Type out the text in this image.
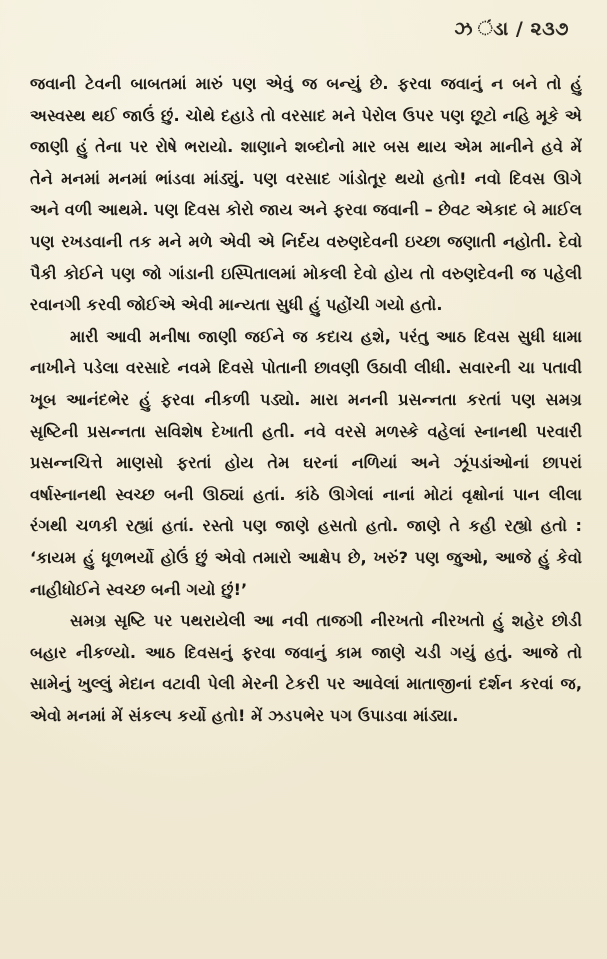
ઝ ંડા / ૨૩૭

જવાની ટેવની બાબતમાં મારું પણ એવું જ બન્યું છે. ફરવા જવાનું ન બને તો હું અસ્વસ્થ થઈ જાઉં છું. ચોથે દહાડે તો વરસાદ મને પેરોલ ઉપર પણ છૂટો નહિ મૂકે એ જાણી હું તેના પર રોષે ભરાયો. શાણાને શબ્દોનો માર બસ થાય એમ માનીને હવે મેં તેને મનમાં મનમાં ભાંડવા માંડ્યું. પણ વરસાદ ગાંડોતૂર થયો હતો! નવો દિવસ ઊગે અને વળી આથમે. પણ દિવસ કોરો જાય અને ફરવા જવાની – છેવટ એકાદ બે માઈલ પણ રખડવાની તક મને મળે એવી એ નિર્દય વરુણદેવની ઇચ્છા જણાતી નહોતી. દેવો પૈકી કોઈને પણ જો ગાંડાની ઇસ્પિતાલમાં મોકલી દેવો હોય તો વરુણદેવની જ પહેલી રવાનગી કરવી જોઈએ એવી માન્યતા સુધી હું પહોંચી ગયો હતો.

મારી આવી મનીષા જાણી જઈને જ કદાચ હશે, પરંતુ આઠ દિવસ સુધી ધામા નાખીને પડેલા વરસાદે નવમે દિવસે પોતાની છાવણી ઉઠાવી લીધી. સવારની ચા પતાવી ખૂબ આનંદભેર હું ફરવા નીકળી પડ્યો. મારા મનની પ્રસન્નતા કરતાં પણ સમગ્ર સૃષ્ટિની પ્રસન્નતા સવિશેષ દેખાતી હતી. નવે વરસે મળસ્કે વહેલાં સ્નાનથી પરવારી પ્રસન્નચિત્તે માણસો ફરતાં હોય તેમ ઘરનાં નળિયાં અને ઝૂંપડાંઓનાં છાપરાં વર્ષાસ્નાનથી સ્વચ્છ બની ઊઠ્યાં હતાં. કાંઠે ઊગેલાં નાનાં મોટાં વૃક્ષોનાં પાન લીલા રંગથી ચળકી રહ્યાં હતાં. રસ્તો પણ જાણે હસતો હતો. જાણે તે કહી રહ્યો હતો : ‘કાયમ હું ધૂળભર્યો હોઉં છું એવો તમારો આક્ષેપ છે, ખરું? પણ જુઓ, આજે હું કેવો નાહીધોઈને સ્વચ્છ બની ગયો છું!’

સમગ્ર સૃષ્ટિ પર પથરાયેલી આ નવી તાજગી નીરખતો નીરખતો હું શહેર છોડી બહાર નીકળ્યો. આઠ દિવસનું ફરવા જવાનું કામ જાણે ચડી ગયું હતું. આજે તો સામેનું ખુલ્લું મેદાન વટાવી પેલી મેરની ટેકરી પર આવેલાં માતાજીનાં દર્શન કરવાં જ, એવો મનમાં મેં સંકલ્પ કર્યો હતો! મેં ઝડપભેર પગ ઉપાડવા માંડ્યા.
